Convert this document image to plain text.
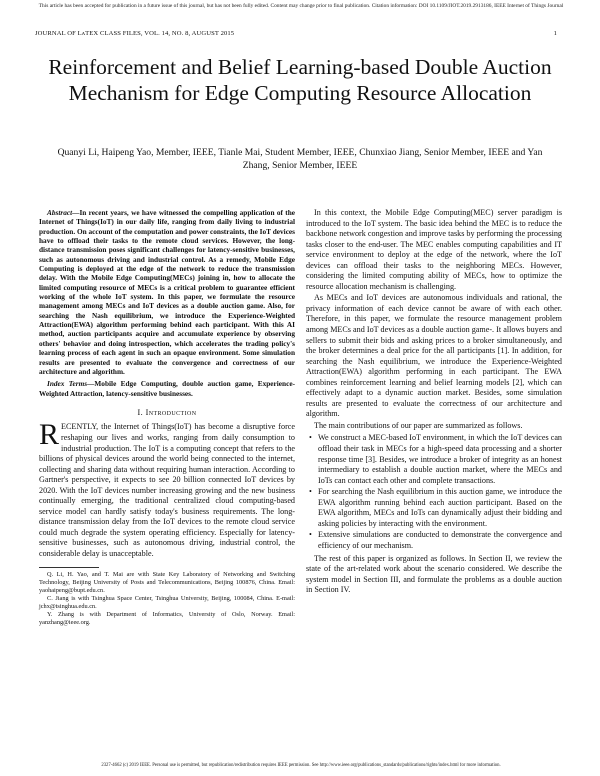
This article has been accepted for publication in a future issue of this journal, but has not been fully edited. Content may change prior to final publication. Citation information: DOI 10.1109/JIOT.2019.2913186, IEEE Internet of Things Journal
JOURNAL OF LᴀTEX CLASS FILES, VOL. 14, NO. 8, AUGUST 2015	1
Reinforcement and Belief Learning-based Double Auction Mechanism for Edge Computing Resource Allocation
Quanyi Li, Haipeng Yao, Member, IEEE, Tianle Mai, Student Member, IEEE, Chunxiao Jiang, Senior Member, IEEE and Yan Zhang, Senior Member, IEEE

Abstract—In recent years, we have witnessed the compelling application of the Internet of Things(IoT) in our daily life, ranging from daily living to industrial production. On account of the computation and power constraints, the IoT devices have to offload their tasks to the remote cloud services. However, the long-distance transmission poses significant challenges for latency-sensitive businesses, such as autonomous driving and industrial control. As a remedy, Mobile Edge Computing is deployed at the edge of the network to reduce the transmission delay. With the Mobile Edge Computing(MECs) joining in, how to allocate the limited computing resource of MECs is a critical problem to guarantee efficient working of the whole IoT system. In this paper, we formulate the resource management among MECs and IoT devices as a double auction game. Also, for searching the Nash equilibrium, we introduce the Experience-Weighted Attraction(EWA) algorithm performing behind each participant. With this AI method, auction participants acquire and accumulate experience by observing others' behavior and doing introspection, which accelerates the trading policy's learning process of each agent in such an opaque environment. Some simulation results are presented to evaluate the convergence and correctness of our architecture and algorithm.

Index Terms—Mobile Edge Computing, double auction game, Experience-Weighted Attraction, latency-sensitive businesses.

I. Introduction

RECENTLY, the Internet of Things(IoT) has become a disruptive force reshaping our lives and works, ranging from daily consumption to industrial production. The IoT is a computing concept that refers to the billions of physical devices around the world being connected to the internet, collecting and sharing data without requiring human interaction. According to Gartner's perspective, it expects to see 20 billion connected IoT devices by 2020. With the IoT devices number increasing growing and the new business continually emerging, the traditional centralized cloud computing-based service model can hardly satisfy today's business requirements. The long-distance transmission delay from the IoT devices to the remote cloud service could much degrade the system operating efficiency. Especially for latency-sensitive businesses, such as autonomous driving, industrial control, the considerable delay is unacceptable.

Q. Li, H. Yao, and T. Mai are with State Key Laboratory of Networking and Switching Technology, Beijing University of Posts and Telecommunications, Beijing 100876, China. Email: yaohaipeng@bupt.edu.cn.

C. Jiang is with Tsinghua Space Center, Tsinghua University, Beijing, 100084, China. E-mail: jchx@tsinghua.edu.cn.

Y. Zhang is with Department of Informatics, University of Oslo, Norway. Email: yanzhang@ieee.org.

In this context, the Mobile Edge Computing(MEC) server paradigm is introduced to the IoT system. The basic idea behind the MEC is to reduce the backbone network congestion and improve tasks by performing the processing tasks closer to the end-user. The MEC enables computing capabilities and IT service environment to deploy at the edge of the network, where the IoT devices can offload their tasks to the neighboring MECs. However, considering the limited computing ability of MECs, how to optimize the resource allocation mechanism is challenging.

As MECs and IoT devices are autonomous individuals and rational, the privacy information of each device cannot be aware of with each other. Therefore, in this paper, we formulate the resource management problem among MECs and IoT devices as a double auction game-. It allows buyers and sellers to submit their bids and asking prices to a broker simultaneously, and the broker determines a deal price for the all participants [1]. In addition, for searching the Nash equilibrium, we introduce the Experience-Weighted Attraction(EWA) algorithm performing in each participant. The EWA combines reinforcement learning and belief learning models [2], which can effectively adapt to a dynamic auction market. Besides, some simulation results are presented to evaluate the correctness of our architecture and algorithm.

The main contributions of our paper are summarized as follows.

• We construct a MEC-based IoT environment, in which the IoT devices can offload their task in MECs for a high-speed data processing and a shorter response time [3]. Besides, we introduce a broker of integrity as an honest intermediary to establish a double auction market, where the MECs and IoTs can contact each other and complete transactions.
• For searching the Nash equilibrium in this auction game, we introduce the EWA algorithm running behind each auction participant. Based on the EWA algorithm, MECs and IoTs can dynamically adjust their bidding and asking policies by interacting with the environment.
• Extensive simulations are conducted to demonstrate the convergence and efficiency of our mechanism.

The rest of this paper is organized as follows. In Section II, we review the state of the art-related work about the scenario considered. We describe the system model in Section III, and formulate the problems as a double auction in Section IV.

2327-4662 (c) 2019 IEEE. Personal use is permitted, but republication/redistribution requires IEEE permission. See http://www.ieee.org/publications_standards/publications/rights/index.html for more information.
